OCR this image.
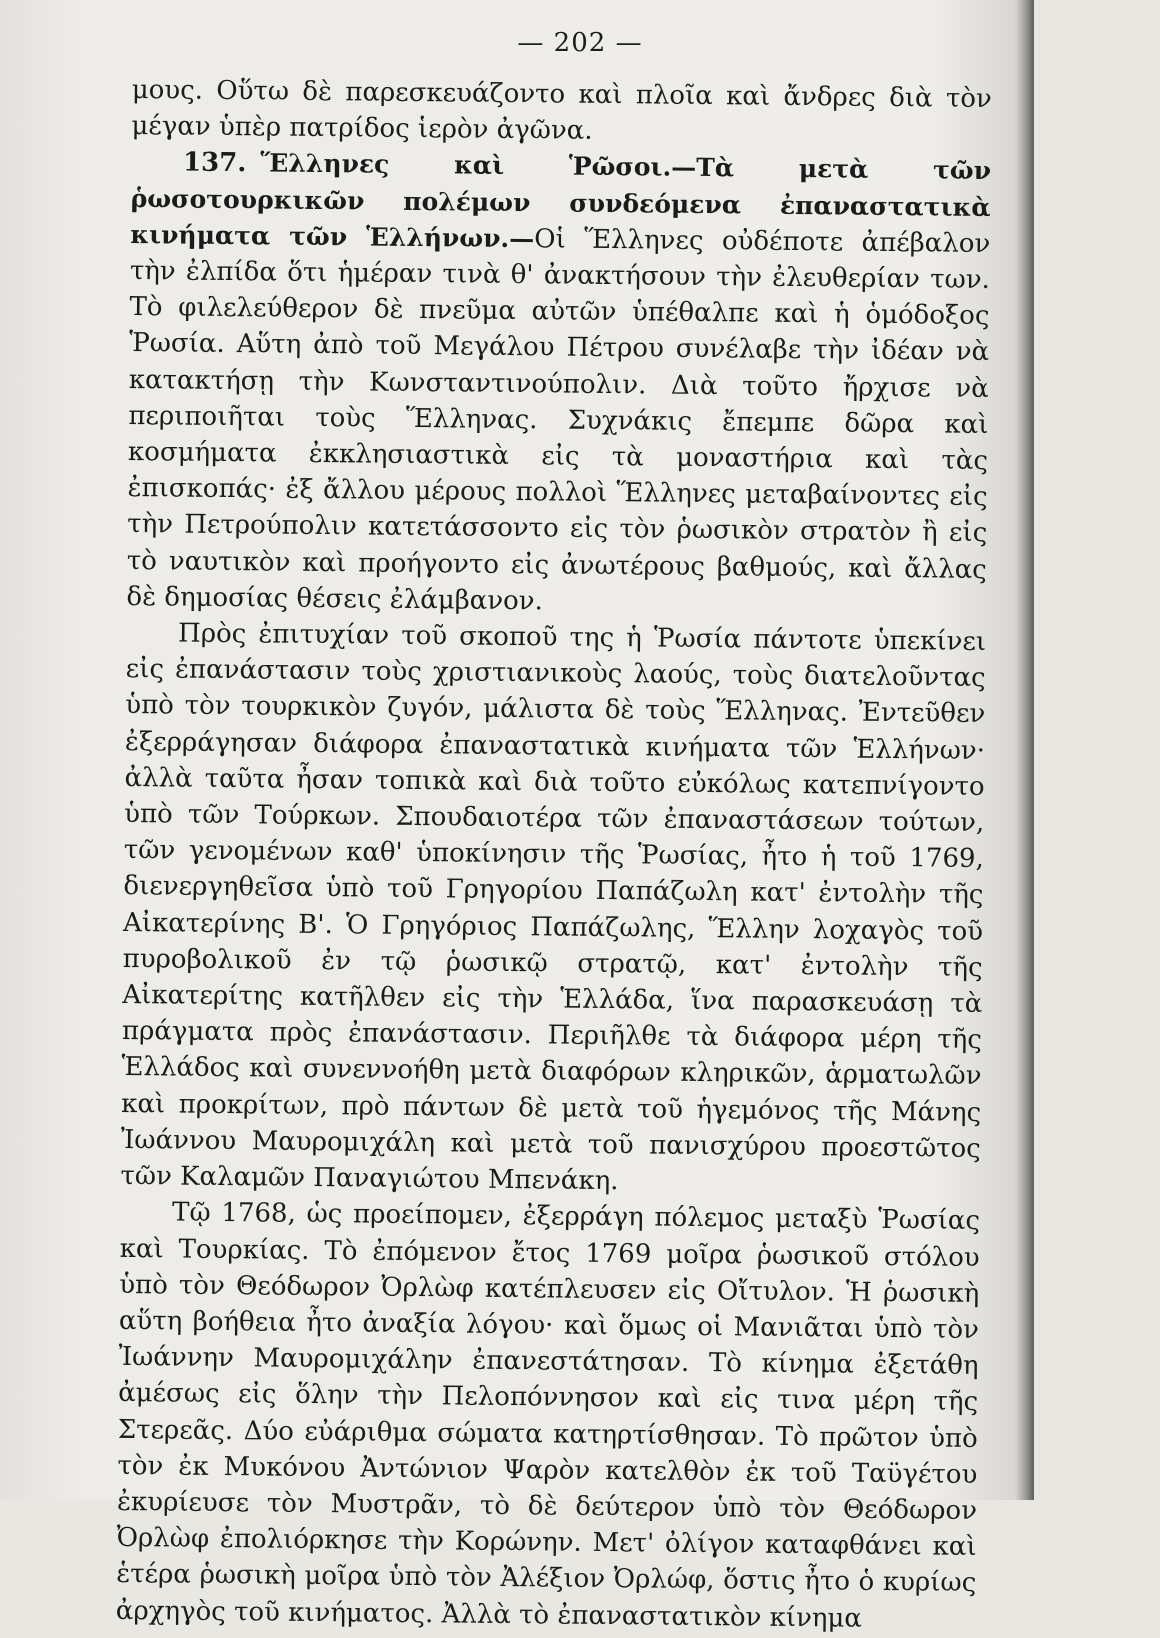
— 202 —

μους. Οὕτω δὲ παρεσκευάζοντο καὶ πλοῖα καὶ ἄνδρες διὰ τὸν μέγαν ὑπὲρ πατρίδος ἱερὸν ἀγῶνα.

137. Ἕλληνες καὶ Ῥῶσοι.—Τὰ μετὰ τῶν ῥωσοτουρκικῶν πολέμων συνδεόμενα ἐπαναστατικὰ κινήματα τῶν Ἑλλήνων.—Οἱ Ἕλληνες οὐδέποτε ἀπέβαλον τὴν ἐλπίδα ὅτι ἡμέραν τινὰ θ' ἀνακτήσουν τὴν ἐλευθερίαν των. Τὸ φιλελεύθερον δὲ πνεῦμα αὐτῶν ὑπέθαλπε καὶ ἡ ὁμόδοξος Ῥωσία. Αὕτη ἀπὸ τοῦ Μεγάλου Πέτρου συνέλαβε τὴν ἰδέαν νὰ κατακτήσῃ τὴν Κωνσταντινούπολιν. Διὰ τοῦτο ἤρχισε νὰ περιποιῆται τοὺς Ἕλληνας. Συχνάκις ἔπεμπε δῶρα καὶ κοσμήματα ἐκκλησιαστικὰ εἰς τὰ μοναστήρια καὶ τὰς ἐπισκοπάς· ἐξ ἄλλου μέρους πολλοὶ Ἕλληνες μεταβαίνοντες εἰς τὴν Πετρούπολιν κατετάσσοντο εἰς τὸν ῥωσικὸν στρατὸν ἢ εἰς τὸ ναυτικὸν καὶ προήγοντο εἰς ἀνωτέρους βαθμούς, καὶ ἄλλας δὲ δημοσίας θέσεις ἐλάμβανον.

Πρὸς ἐπιτυχίαν τοῦ σκοποῦ της ἡ Ῥωσία πάντοτε ὑπεκίνει εἰς ἐπανάστασιν τοὺς χριστιανικοὺς λαούς, τοὺς διατελοῦντας ὑπὸ τὸν τουρκικὸν ζυγόν, μάλιστα δὲ τοὺς Ἕλληνας. Ἐντεῦθεν ἐξερράγησαν διάφορα ἐπαναστατικὰ κινήματα τῶν Ἑλλήνων· ἀλλὰ ταῦτα ἦσαν τοπικὰ καὶ διὰ τοῦτο εὐκόλως κατεπνίγοντο ὑπὸ τῶν Τούρκων. Σπουδαιοτέρα τῶν ἐπαναστάσεων τούτων, τῶν γενομένων καθ' ὑποκίνησιν τῆς Ῥωσίας, ἦτο ἡ τοῦ 1769, διενεργηθεῖσα ὑπὸ τοῦ Γρηγορίου Παπάζωλη κατ' ἐντολὴν τῆς Αἰκατερίνης Β'. Ὁ Γρηγόριος Παπάζωλης, Ἕλλην λοχαγὸς τοῦ πυροβολικοῦ ἐν τῷ ῥωσικῷ στρατῷ, κατ' ἐντολὴν τῆς Αἰκατερίτης κατῆλθεν εἰς τὴν Ἑλλάδα, ἵνα παρασκευάσῃ τὰ πράγματα πρὸς ἐπανάστασιν. Περιῆλθε τὰ διάφορα μέρη τῆς Ἑλλάδος καὶ συνεννοήθη μετὰ διαφόρων κληρικῶν, ἁρματωλῶν καὶ προκρίτων, πρὸ πάντων δὲ μετὰ τοῦ ἡγεμόνος τῆς Μάνης Ἰωάννου Μαυρομιχάλη καὶ μετὰ τοῦ πανισχύρου προεστῶτος τῶν Καλαμῶν Παναγιώτου Μπενάκη.

Τῷ 1768, ὡς προείπομεν, ἐξερράγη πόλεμος μεταξὺ Ῥωσίας καὶ Τουρκίας. Τὸ ἐπόμενον ἔτος 1769 μοῖρα ῥωσικοῦ στόλου ὑπὸ τὸν Θεόδωρον Ὀρλὼφ κατέπλευσεν εἰς Οἴτυλον. Ἡ ῥωσικὴ αὕτη βοήθεια ἦτο ἀναξία λόγου· καὶ ὅμως οἱ Μανιᾶται ὑπὸ τὸν Ἰωάννην Μαυρομιχάλην ἐπανεστάτησαν. Τὸ κίνημα ἐξετάθη ἀμέσως εἰς ὅλην τὴν Πελοπόννησον καὶ εἰς τινα μέρη τῆς Στερεᾶς. Δύο εὐάριθμα σώματα κατηρτίσθησαν. Τὸ πρῶτον ὑπὸ τὸν ἐκ Μυκόνου Ἀντώνιον Ψαρὸν κατελθὸν ἐκ τοῦ Ταϋγέτου ἐκυρίευσε τὸν Μυστρᾶν, τὸ δὲ δεύτερον ὑπὸ τὸν Θεόδωρον Ὀρλὼφ ἐπολιόρκησε τὴν Κορώνην. Μετ' ὀλίγον καταφθάνει καὶ ἑτέρα ῥωσικὴ μοῖρα ὑπὸ τὸν Ἀλέξιον Ὀρλώφ, ὅστις ἦτο ὁ κυρίως ἀρχηγὸς τοῦ κινήματος. Ἀλλὰ τὸ ἐπαναστατικὸν κίνημα
